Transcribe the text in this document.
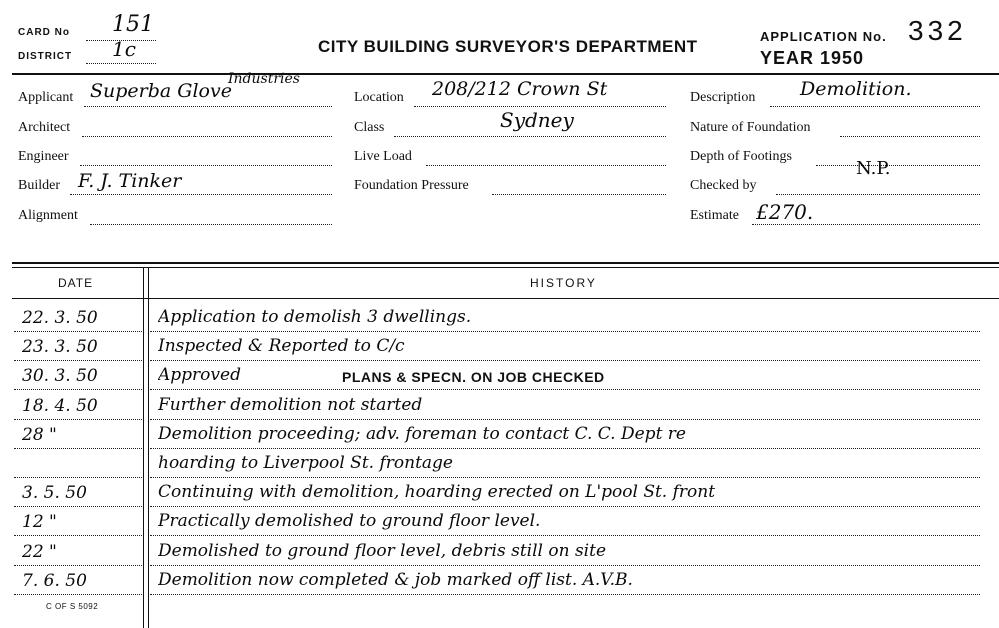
CARD No 151
DISTRICT 1c	CITY BUILDING SURVEYOR'S DEPARTMENT
APPLICATION No. 332
YEAR 1950
Applicant Superba Glove
Industries
Architect
Engineer
Builder F. J. Tinker
Alignment
Location 208/212 Crown St
Class	Sydney
Live Load
Foundation Pressure
Description Demolition.
Nature of Foundation
Depth of Footings
N.P.
Checked by
Estimate £270.
DATE	HISTORY
22. 3. 50	Application to demolish 3 dwellings.
23. 3. 50	Inspected & Reported to C/c
30. 3. 50	Approved	PLANS & SPECN. ON JOB CHECKED
18. 4. 50	Further demolition not started
28 "	Demolition proceeding; adv. foreman to contact C. C. Dept re
hoarding to Liverpool St. frontage
3. 5. 50	Continuing with demolition, hoarding erected on L'pool St. front
12 "	Practically demolished to ground floor level.
22 "	Demolished to ground floor level, debris still on site
7. 6. 50	Demolition now completed & job marked off list. A.V.B.
C OF S 5092
